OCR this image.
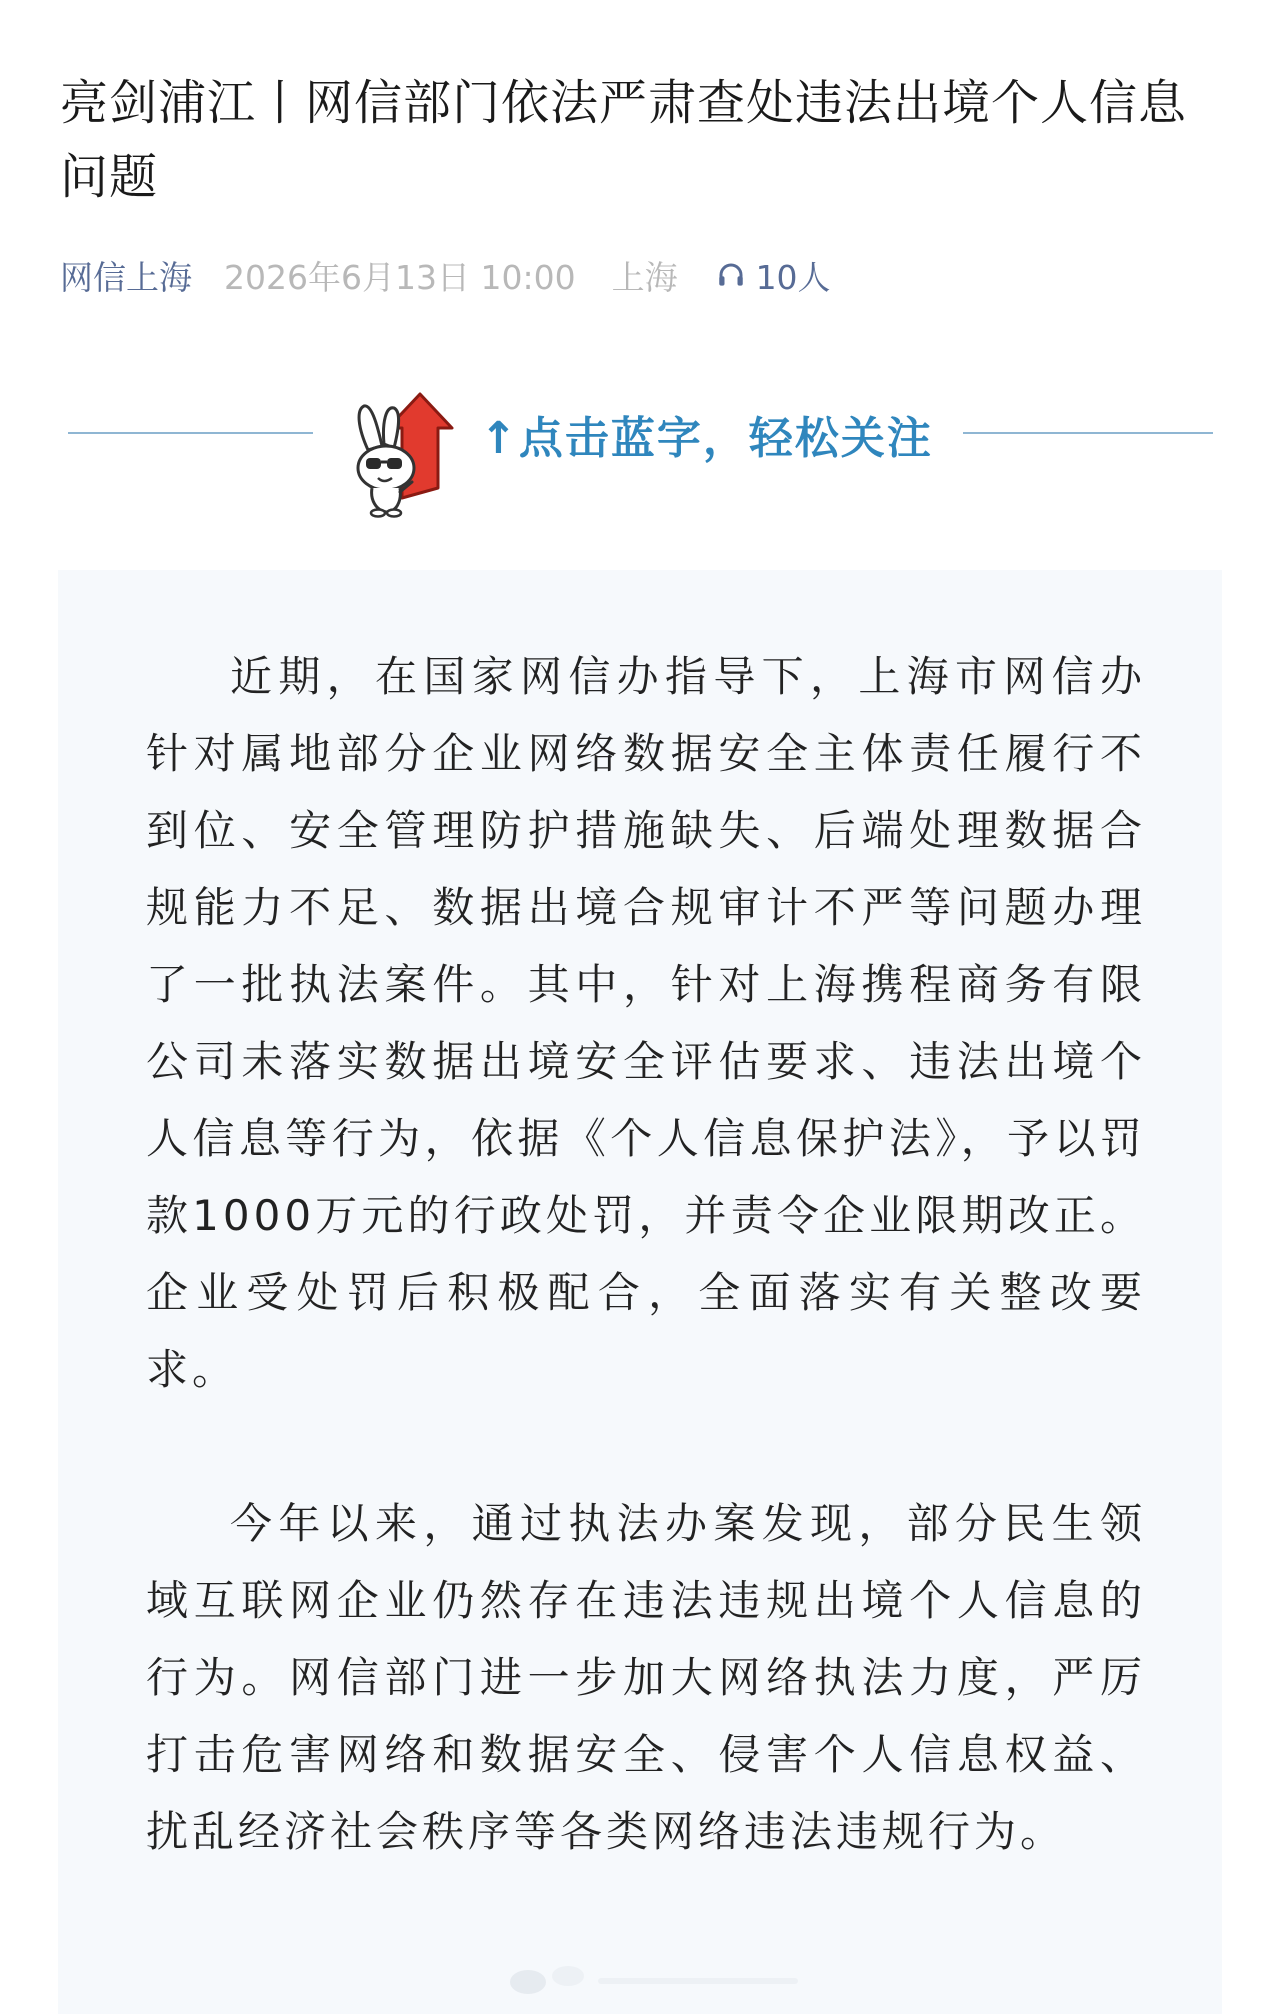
亮剑浦江丨网信部门依法严肃查处违法出境个人信息问题
网信上海 2026年6月13日 10:00 上海 10人
↑点击蓝字，轻松关注

近期，在国家网信办指导下，上海市网信办针对属地部分企业网络数据安全主体责任履行不到位、安全管理防护措施缺失、后端处理数据合规能力不足、数据出境合规审计不严等问题办理了一批执法案件。其中，针对上海携程商务有限公司未落实数据出境安全评估要求、违法出境个人信息等行为，依据《个人信息保护法》，予以罚款1000万元的行政处罚，并责令企业限期改正。企业受处罚后积极配合，全面落实有关整改要求。

今年以来，通过执法办案发现，部分民生领域互联网企业仍然存在违法违规出境个人信息的行为。网信部门进一步加大网络执法力度，严厉打击危害网络和数据安全、侵害个人信息权益、扰乱经济社会秩序等各类网络违法违规行为。
